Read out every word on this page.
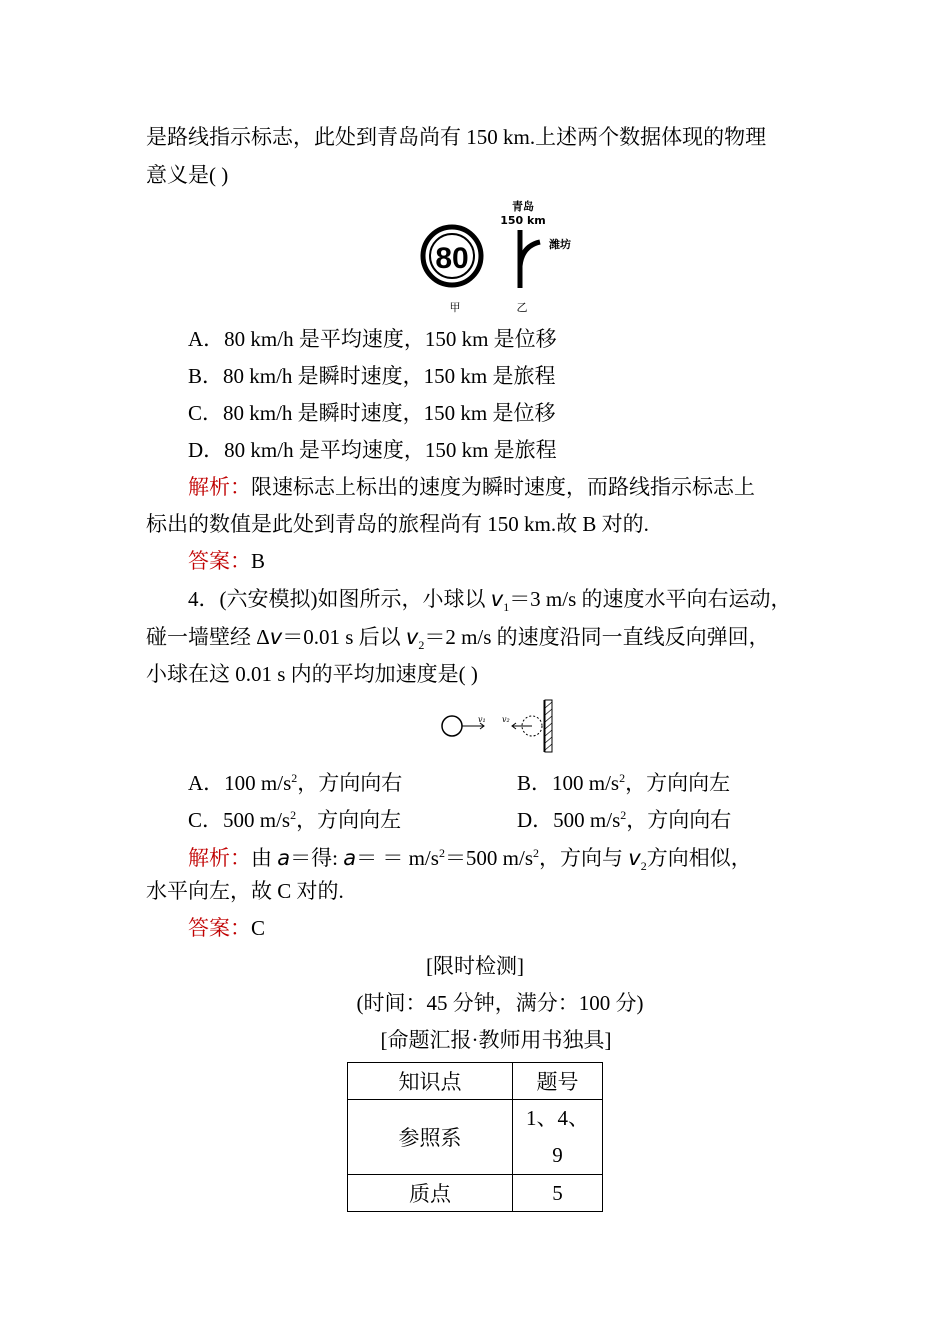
是路线指示标志，此处到青岛尚有 150 km.上述两个数据体现的物理
意义是( )
80
青岛
150 km
潍坊
甲	乙
A．80 km/h 是平均速度，150 km 是位移
B．80 km/h 是瞬时速度，150 km 是旅程
C．80 km/h 是瞬时速度，150 km 是位移
D．80 km/h 是平均速度，150 km 是旅程
解析：限速标志上标出的速度为瞬时速度，而路线指示标志上
标出的数值是此处到青岛的旅程尚有 150 km.故 B 对的.
答案：B
4．(六安模拟)如图所示，小球以 $v_1=3$ m/s 的速度水平向右运动，
碰一墙壁经 Δv＝0.01 s 后以 $v_2=2$ m/s 的速度沿同一直线反向弹回，
小球在这 0.01 s 内的平均加速度是( )
v₁ v₂
A．100 $m/s^2$，方向向右	B．100 $m/s^2$，方向向左
C．500 $m/s^2$，方向向左	D．500 $m/s^2$，方向向右
解析：由 a＝得: $a= = m/s^2=500$ $m/s^2$，方向与 $v_2$方向相似，
水平向左，故 C 对的.
答案：C
[限时检测]
(时间：45 分钟，满分：100 分)
[命题汇报·教师用书独具]
知识点	题号
参照系	1、4、
9

质点	5
